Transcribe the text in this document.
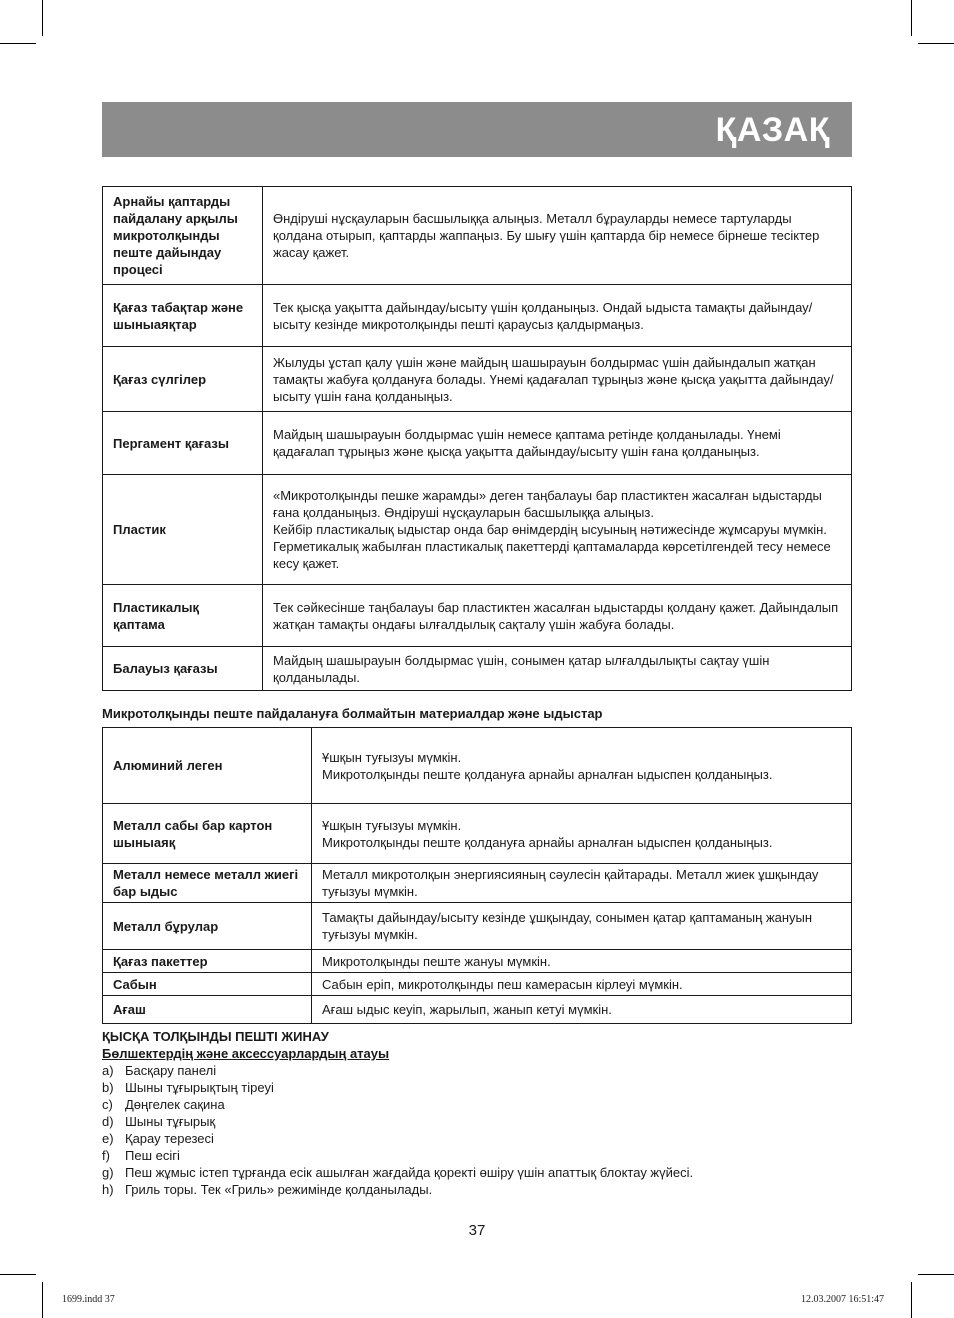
ҚАЗАҚ
Арнайы қаптарды пайдалану арқылы микротолқынды пеште дайындау процесі	Өндіруші нұсқауларын басшылыққа алыңыз. Металл бұрауларды немесе тартуларды қолдана отырып, қаптарды жаппаңыз. Бу шығу үшін қаптарда бір немесе бірнеше тесіктер жасау қажет.
Қағаз табақтар және шыныаяқтар	Тек қысқа уақытта дайындау/ысыту үшін қолданыңыз. Ондай ыдыста тамақты дайындау/ысыту кезінде микротолқынды пешті қараусыз қалдырмаңыз.
Қағаз сүлгілер	Жылуды ұстап қалу үшін және майдың шашырауын болдырмас үшін дайындалып жатқан тамақты жабуға қолдануға болады. Үнемі қадағалап тұрыңыз және қысқа уақытта дайындау/ысыту үшін ғана қолданыңыз.
Пергамент қағазы	Майдың шашырауын болдырмас үшін немесе қаптама ретінде қолданылады. Үнемі қадағалап тұрыңыз және қысқа уақытта дайындау/ысыту үшін ғана қолданыңыз.
Пластик	«Микротолқынды пешке жарамды» деген таңбалауы бар пластиктен жасалған ыдыстарды ғана қолданыңыз. Өндіруші нұсқауларын басшылыққа алыңыз.
Кейбір пластикалық ыдыстар онда бар өнімдердің ысуының нәтижесінде жұмсаруы мүмкін.
Герметикалық жабылған пластикалық пакеттерді қаптамаларда көрсетілгендей тесу немесе кесу қажет.
Пластикалық қаптама	Тек сәйкесінше таңбалауы бар пластиктен жасалған ыдыстарды қолдану қажет. Дайындалып жатқан тамақты ондағы ылғалдылық сақталу үшін жабуға болады.
Балауыз қағазы	Майдың шашырауын болдырмас үшін, сонымен қатар ылғалдылықты сақтау үшін қолданылады.
Микротолқынды пеште пайдалануға болмайтын материалдар және ыдыстар
Алюминий леген	Ұшқын туғызуы мүмкін.
Микротолқынды пеште қолдануға арнайы арналған ыдыспен қолданыңыз.
Металл сабы бар картон шыныаяқ	Ұшқын туғызуы мүмкін.
Микротолқынды пеште қолдануға арнайы арналған ыдыспен қолданыңыз.
Металл немесе металл жиегі бар ыдыс	Металл микротолқын энергиясияның сәулесін қайтарады. Металл жиек ұшқындау туғызуы мүмкін.
Металл бұрулар	Тамақты дайындау/ысыту кезінде ұшқындау, сонымен қатар қаптаманың жануын туғызуы мүмкін.
Қағаз пакеттер	Микротолқынды пеште жануы мүмкін.
Сабын	Сабын еріп, микротолқынды пеш камерасын кірлеуі мүмкін.
Ағаш	Ағаш ыдыс кеуіп, жарылып, жанып кетуі мүмкін.
ҚЫСҚА ТОЛҚЫНДЫ ПЕШТІ ЖИНАУ
Бөлшектердің және аксессуарлардың атауы
a) Басқару панелі
b) Шыны тұғырықтың тіреуі
c) Дөңгелек сақина
d) Шыны тұғырық
e) Қарау терезесі
f)	Пеш есігі
g) Пеш жұмыс істеп тұрғанда есік ашылған жағдайда қоректі өшіру үшін апаттық блоктау жүйесі.
h) Гриль торы. Тек «Гриль» режимінде қолданылады.
37
1699.indd 37	12.03.2007 16:51:47
